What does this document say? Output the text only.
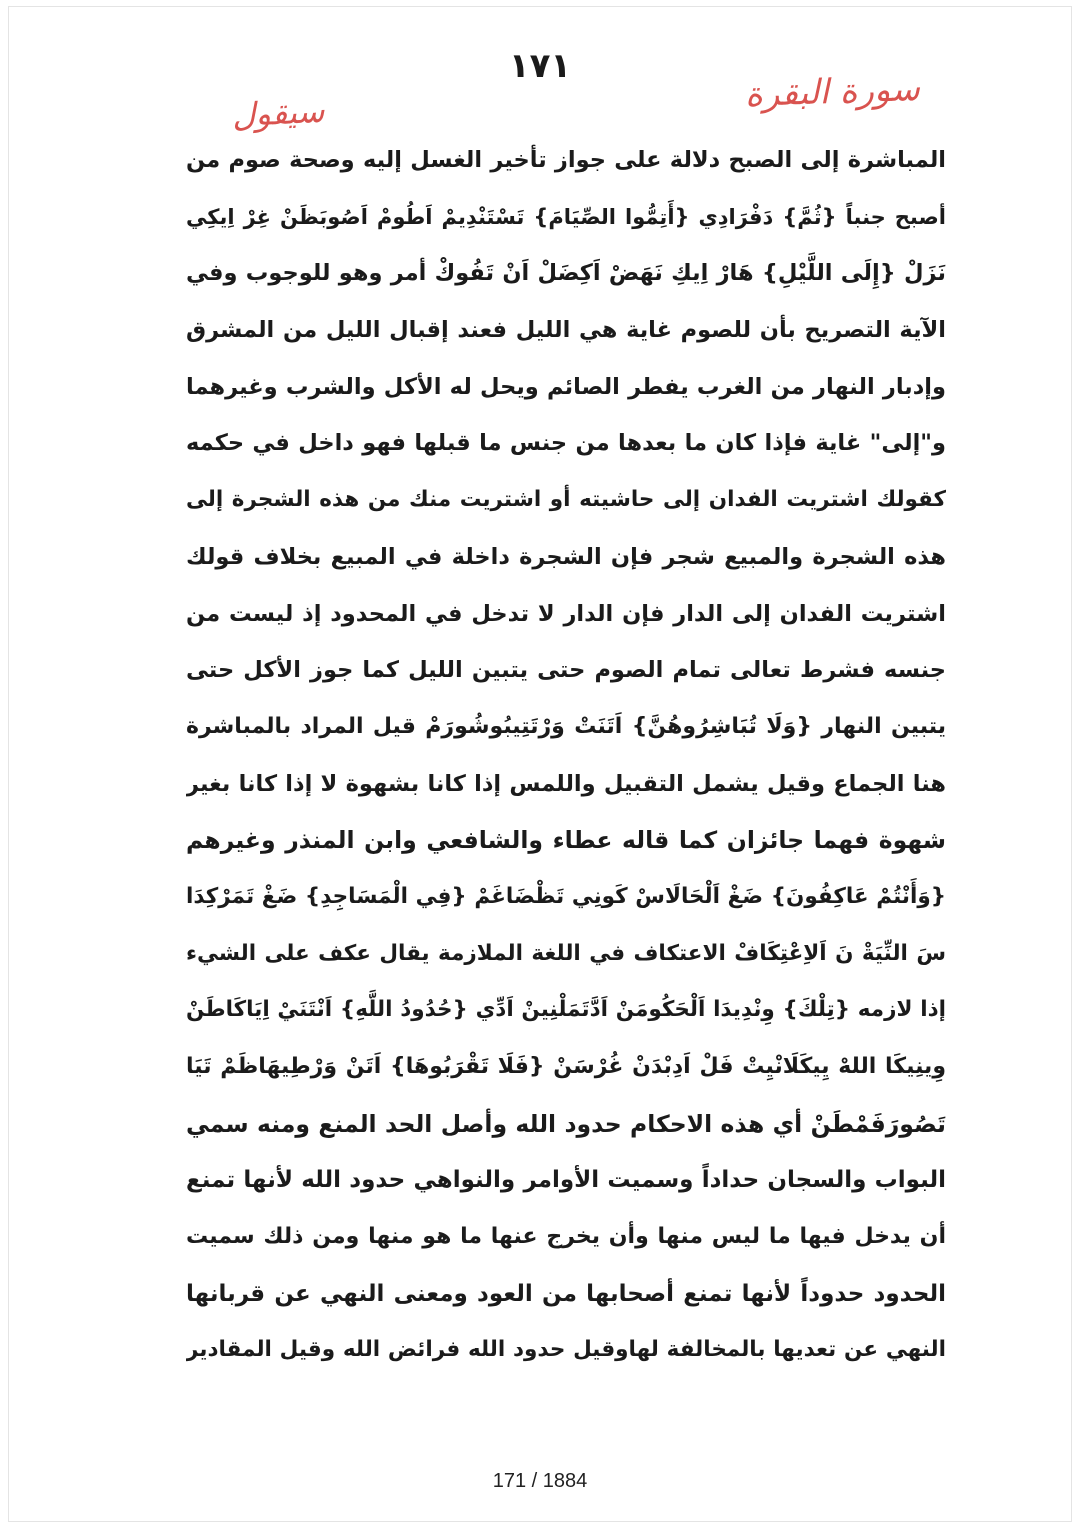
١٧١
سورة البقرة
سيقول
المباشرة إلى الصبح دلالة على جواز تأخير الغسل إليه وصحة صوم من
أصبح جنباً {ثُمَّ} دَفْرَادِي {أَتِمُّوا الصِّيَامَ} تَسْتَنْدِيمْ اَطُومْ اَصُوبَظَنْ غِرْ اِيكِي
نَزَلْ {إِلَى اللَّيْلِ} هَارْ اِيكِ نَهَضْ اَكِضَلْ اَنْ تَفُوكْ أمر وهو للوجوب وفي
الآية التصريح بأن للصوم غاية هي الليل فعند إقبال الليل من المشرق
وإدبار النهار من الغرب يفطر الصائم ويحل له الأكل والشرب وغيرهما
و"إلى" غاية فإذا كان ما بعدها من جنس ما قبلها فهو داخل في حكمه
كقولك اشتريت الفدان إلى حاشيته أو اشتريت منك من هذه الشجرة إلى
هذه الشجرة والمبيع شجر فإن الشجرة داخلة في المبيع بخلاف قولك
اشتريت الفدان إلى الدار فإن الدار لا تدخل في المحدود إذ ليست من
جنسه فشرط تعالى تمام الصوم حتى يتبين الليل كما جوز الأكل حتى
يتبين النهار {وَلَا تُبَاشِرُوهُنَّ} اَتَنَتْ وَرْتَتِيبُوشُورَمْ قيل المراد بالمباشرة
هنا الجماع وقيل يشمل التقبيل واللمس إذا كانا بشهوة لا إذا كانا بغير
شهوة فهما جائزان كما قاله عطاء والشافعي وابن المنذر وغيرهم
{وَأَنْتُمْ عَاكِفُونَ} ضَغْ اَلْحَالَاسْ كَونِي تَظْضَاغَمْ {فِي الْمَسَاجِدِ} ضَغْ تَمَرْكِدَا
سَ النِّيَةْ نَ اَلاِعْتِكَافْ الاعتكاف في اللغة الملازمة يقال عكف على الشيء
إذا لازمه {تِلْكَ} وِنْدِيدَا اَلْحَكُومَنْ اَدَّتَمَلْنِينْ اَدِّي {حُدُودُ اللَّهِ} اَنْتَنَيْ اِيَاكَاطَنْ
وِينِيكَا اللهْ يِيكَلَانْيِتْ فَلْ اَدِبْدَنْ غُرْسَنْ {فَلَا تَقْرَبُوهَا} اَتَنْ وَرْطِيهَاظَمْ تَيَا
تَصُورَفَمْطَنْ أي هذه الاحكام حدود الله وأصل الحد المنع ومنه سمي
البواب والسجان حداداً وسميت الأوامر والنواهي حدود الله لأنها تمنع
أن يدخل فيها ما ليس منها وأن يخرج عنها ما هو منها ومن ذلك سميت
الحدود حدوداً لأنها تمنع أصحابها من العود ومعنى النهي عن قربانها
النهي عن تعديها بالمخالفة لهاوقيل حدود الله فرائض الله وقيل المقادير
171 / 1884
